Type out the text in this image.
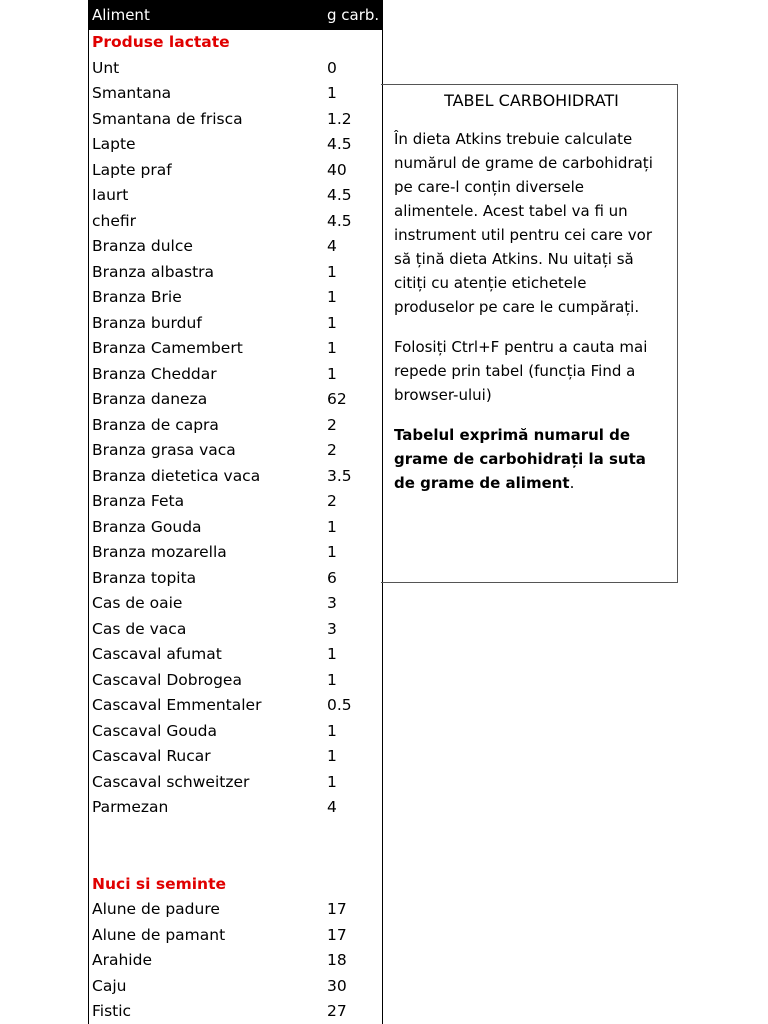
Aliment	g carb.
Produse lactate
Unt	0
Smantana	1
Smantana de frisca	1.2
Lapte	4.5
Lapte praf	40
Iaurt	4.5
chefir	4.5
Branza dulce	4
Branza albastra	1
Branza Brie	1
Branza burduf	1
Branza Camembert	1
Branza Cheddar	1
Branza daneza	62
Branza de capra	2
Branza grasa vaca	2
Branza dietetica vaca	3.5
Branza Feta	2
Branza Gouda	1
Branza mozarella	1
Branza topita	6
Cas de oaie	3
Cas de vaca	3
Cascaval afumat	1
Cascaval Dobrogea	1
Cascaval Emmentaler	0.5
Cascaval Gouda	1
Cascaval Rucar	1
Cascaval schweitzer	1
Parmezan	4
Nuci si seminte
Alune de padure	17
Alune de pamant	17
Arahide	18
Caju	30
Fistic	27
TABEL CARBOHIDRATI

În dieta Atkins trebuie calculate numărul de grame de carbohidrați pe care-l conțin diversele alimentele. Acest tabel va fi un instrument util pentru cei care vor să țină dieta Atkins. Nu uitați să citiți cu atenție etichetele produselor pe care le cumpărați.

Folosiți Ctrl+F pentru a cauta mai repede prin tabel (funcția Find a browser-ului)

Tabelul exprimă numarul de grame de carbohidrați la suta de grame de aliment.
